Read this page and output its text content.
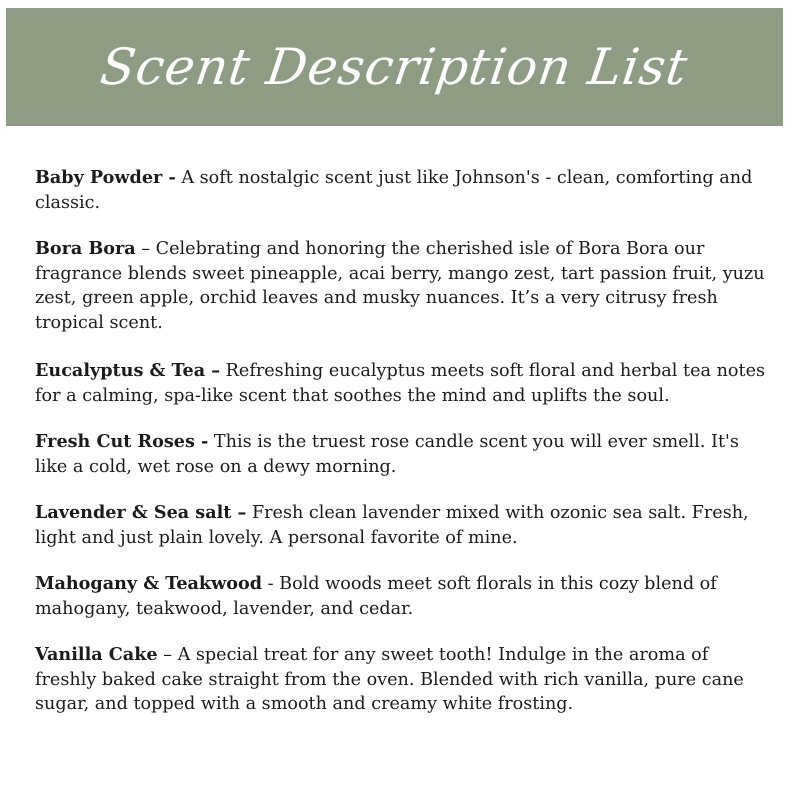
Scent Description List

Baby Powder - A soft nostalgic scent just like Johnson's - clean, comforting and classic.

Bora Bora – Celebrating and honoring the cherished isle of Bora Bora our fragrance blends sweet pineapple, acai berry, mango zest, tart passion fruit, yuzu zest, green apple, orchid leaves and musky nuances. It’s a very citrusy fresh tropical scent.

Eucalyptus & Tea – Refreshing eucalyptus meets soft floral and herbal tea notes for a calming, spa-like scent that soothes the mind and uplifts the soul.

Fresh Cut Roses - This is the truest rose candle scent you will ever smell. It's like a cold, wet rose on a dewy morning.

Lavender & Sea salt – Fresh clean lavender mixed with ozonic sea salt. Fresh, light and just plain lovely. A personal favorite of mine.

Mahogany & Teakwood - Bold woods meet soft florals in this cozy blend of mahogany, teakwood, lavender, and cedar.

Vanilla Cake – A special treat for any sweet tooth! Indulge in the aroma of freshly baked cake straight from the oven. Blended with rich vanilla, pure cane sugar, and topped with a smooth and creamy white frosting.
